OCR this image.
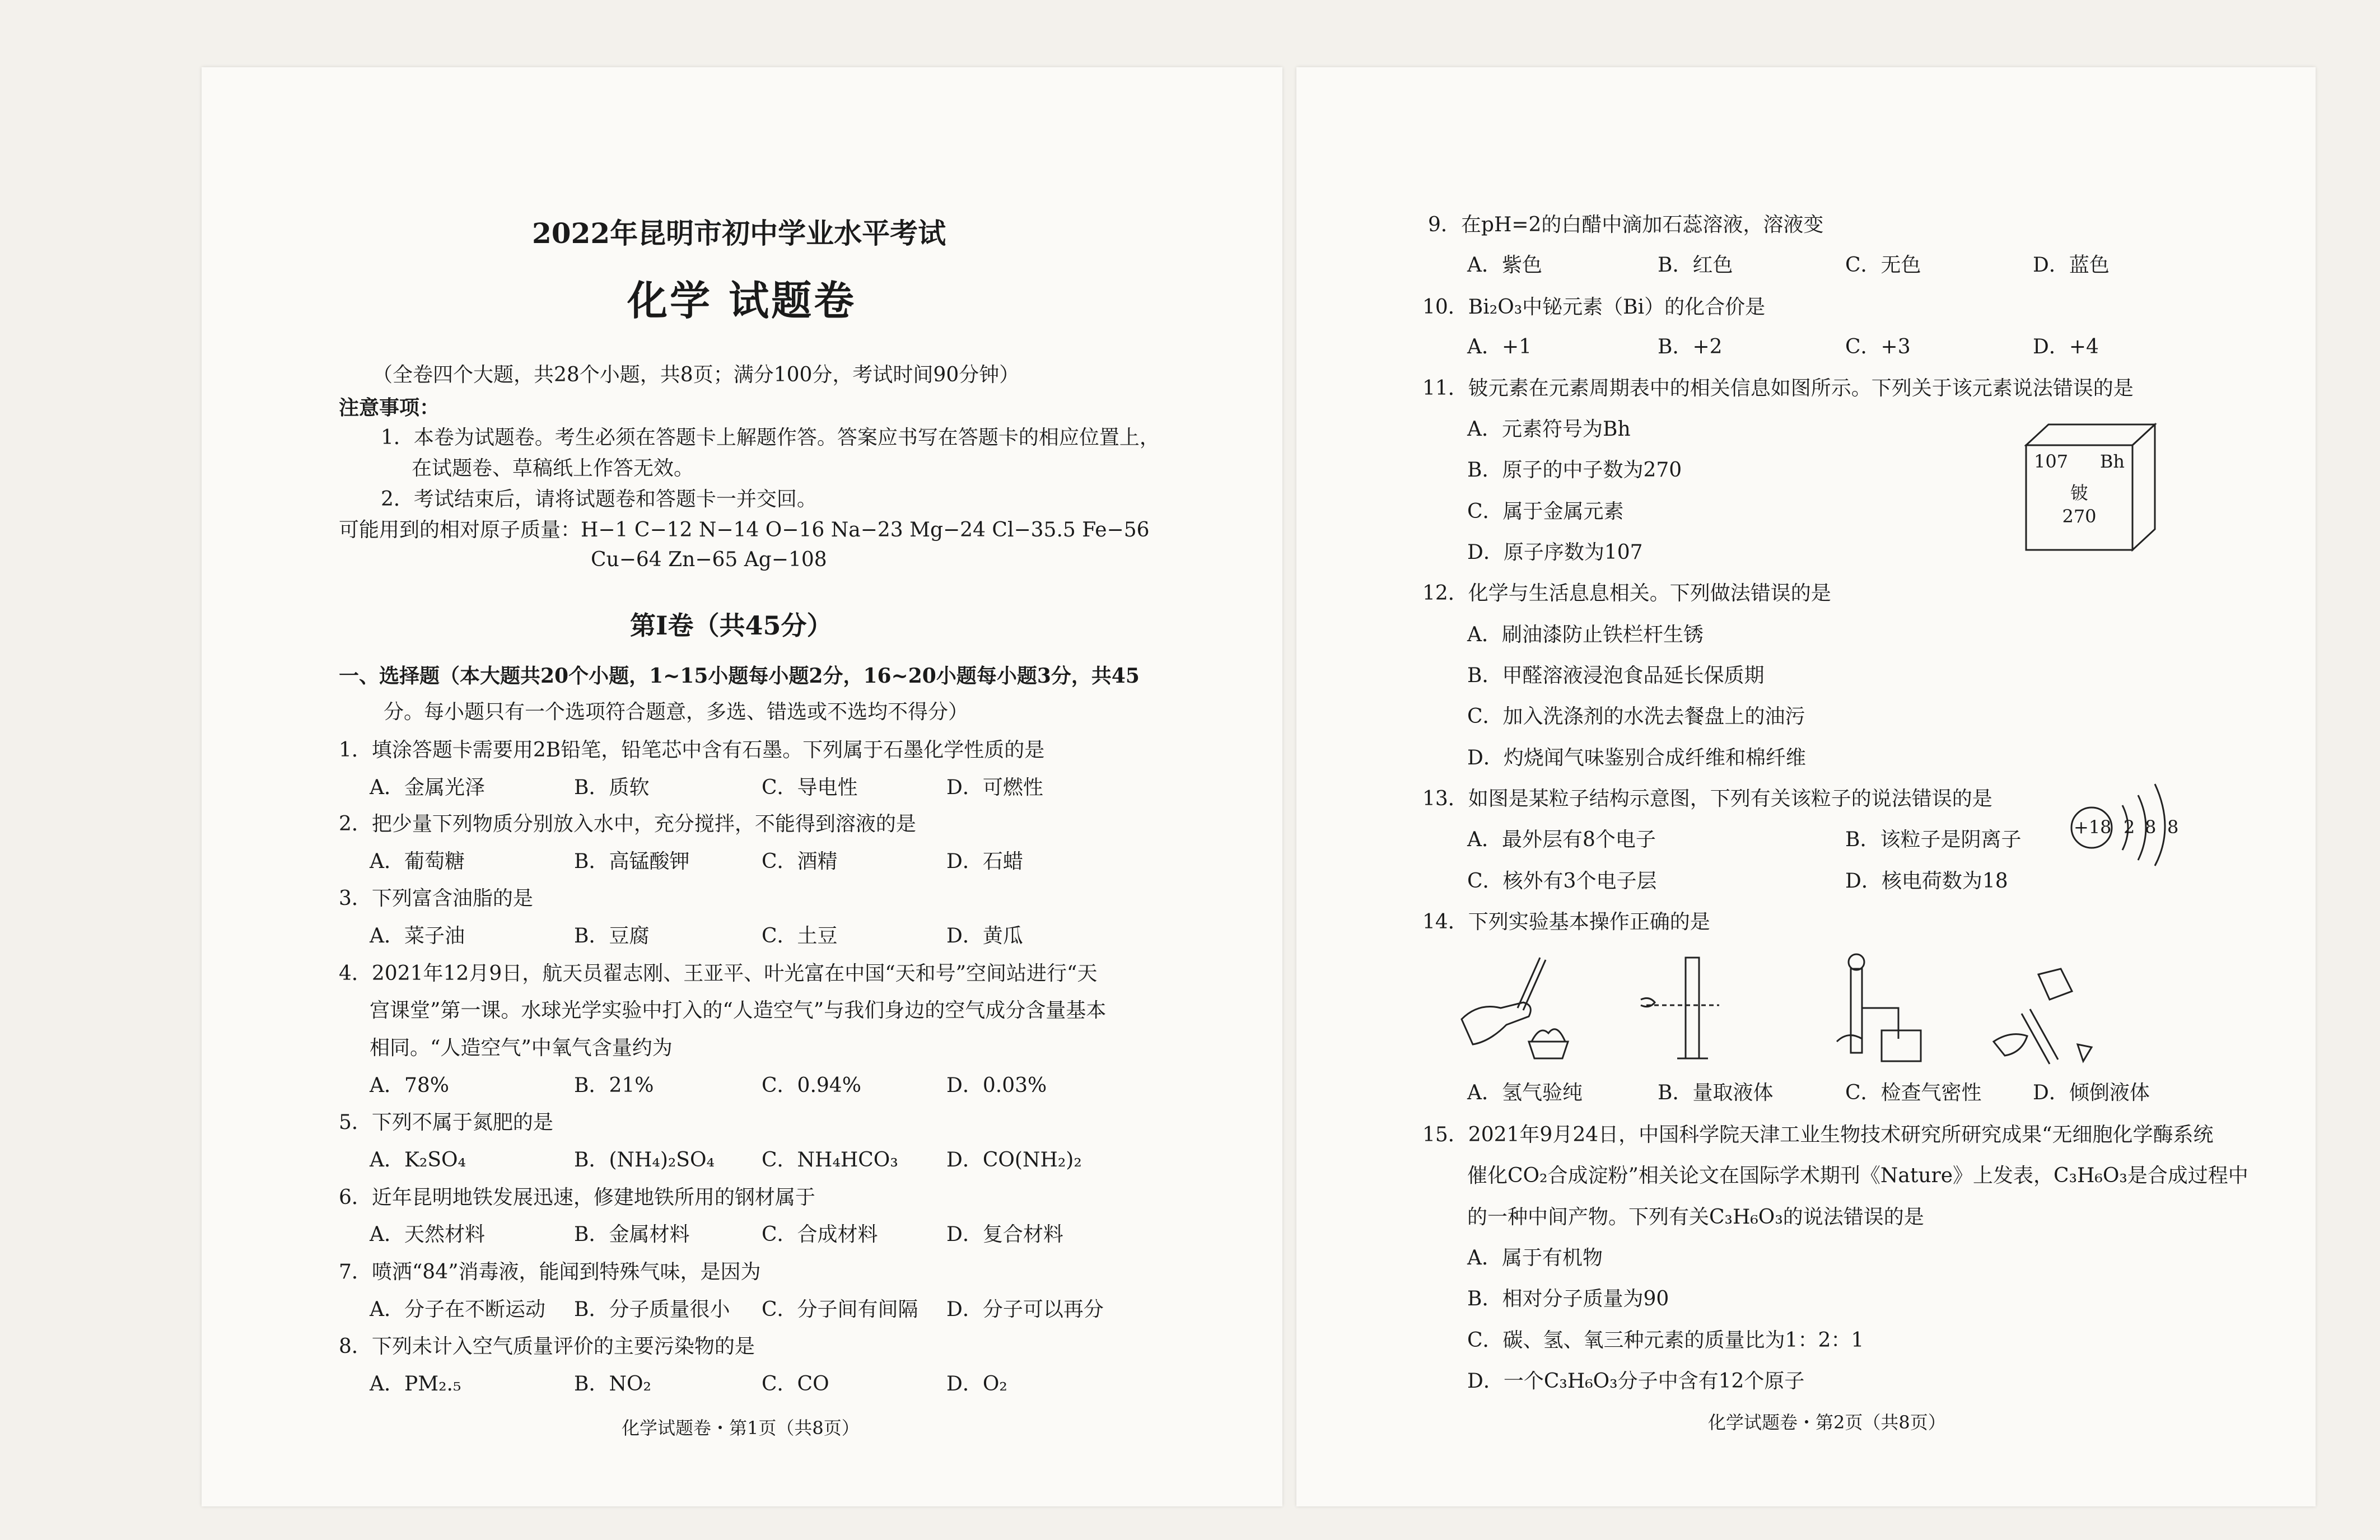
2022年昆明市初中学业水平考试
化学 试题卷
（全卷四个大题，共28个小题，共8页；满分100分，考试时间90分钟）
注意事项：
1．本卷为试题卷。考生必须在答题卡上解题作答。答案应书写在答题卡的相应位置上，
在试题卷、草稿纸上作答无效。
2．考试结束后，请将试题卷和答题卡一并交回。
可能用到的相对原子质量：H−1 C−12 N−14 O−16 Na−23 Mg−24 Cl−35.5 Fe−56
Cu−64 Zn−65 Ag−108
第Ⅰ卷（共45分）
一、选择题（本大题共20个小题，1~15小题每小题2分，16~20小题每小题3分，共45
分。每小题只有一个选项符合题意，多选、错选或不选均不得分）
1．填涂答题卡需要用2B铅笔，铅笔芯中含有石墨。下列属于石墨化学性质的是
A．金属光泽	B．质软	C．导电性	D．可燃性
2．把少量下列物质分别放入水中，充分搅拌，不能得到溶液的是
A．葡萄糖	B．高锰酸钾	C．酒精	D．石蜡
3．下列富含油脂的是
A．菜子油	B．豆腐	C．土豆	D．黄瓜
4．2021年12月9日，航天员翟志刚、王亚平、叶光富在中国“天和号”空间站进行“天
宫课堂”第一课。水球光学实验中打入的“人造空气”与我们身边的空气成分含量基本
相同。“人造空气”中氧气含量约为
A．78%	B．21%	C．0.94%	D．0.03%
5．下列不属于氮肥的是
A．K₂SO₄	B．(NH₄)₂SO₄ C．NH₄HCO₃ D．CO(NH₂)₂
6．近年昆明地铁发展迅速，修建地铁所用的钢材属于
A．天然材料	B．金属材料	C．合成材料	D．复合材料
7．喷洒“84”消毒液，能闻到特殊气味，是因为
A．分子在不断运动 B．分子质量很小 C．分子间有间隔 D．分子可以再分
8．下列未计入空气质量评价的主要污染物的是
A．PM₂.₅	B．NO₂	C．CO	D．O₂
化学试题卷・第1页（共8页）
9．在pH=2的白醋中滴加石蕊溶液，溶液变
A．紫色	B．红色	C．无色	D．蓝色
10．Bi₂O₃中铋元素（Bi）的化合价是
A．+1	B．+2	C．+3	D．+4
11．铍元素在元素周期表中的相关信息如图所示。下列关于该元素说法错误的是
A．元素符号为Bh
B．原子的中子数为270
C．属于金属元素
D．原子序数为107
107 Bh
铍
270
12．化学与生活息息相关。下列做法错误的是
A．刷油漆防止铁栏杆生锈
B．甲醛溶液浸泡食品延长保质期
C．加入洗涤剂的水洗去餐盘上的油污
D．灼烧闻气味鉴别合成纤维和棉纤维
13．如图是某粒子结构示意图，下列有关该粒子的说法错误的是
A．最外层有8个电子	B．该粒子是阴离子
C．核外有3个电子层	D．核电荷数为18
+18 2 8 8
14．下列实验基本操作正确的是
A．氢气验纯	B．量取液体	C．检查气密性	D．倾倒液体
15．2021年9月24日，中国科学院天津工业生物技术研究所研究成果“无细胞化学酶系统
催化CO₂合成淀粉”相关论文在国际学术期刊《Nature》上发表，C₃H₆O₃是合成过程中
的一种中间产物。下列有关C₃H₆O₃的说法错误的是
A．属于有机物
B．相对分子质量为90
C．碳、氢、氧三种元素的质量比为1：2：1
D．一个C₃H₆O₃分子中含有12个原子
化学试题卷・第2页（共8页）
